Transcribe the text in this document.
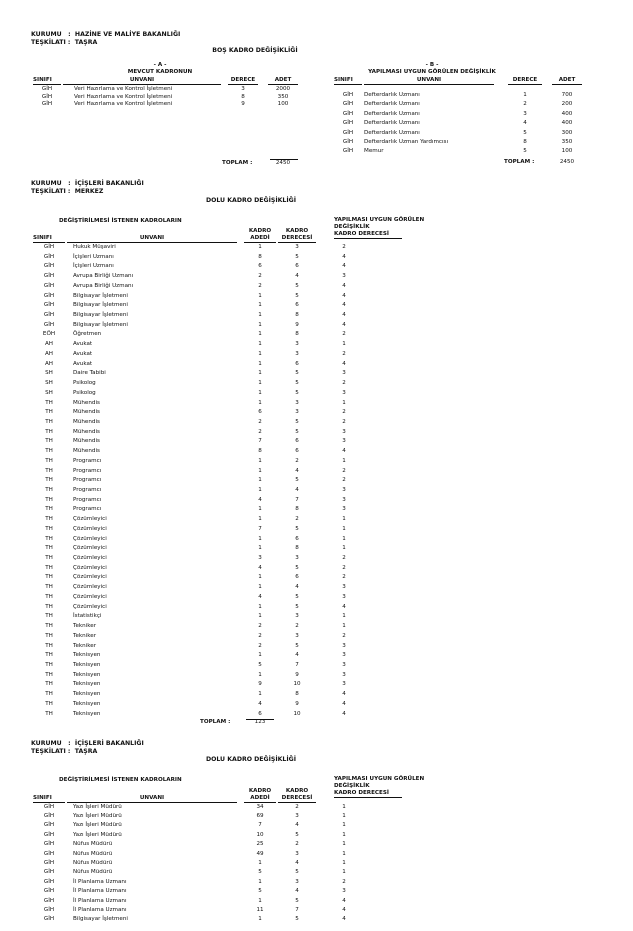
KURUMU   :  HAZİNE VE MALİYE BAKANLIĞI
TEŞKİLATI :  TAŞRA
BOŞ KADRO DEĞİŞİKLİĞİ
- A -
MEVCUT KADRONUN
SINIFI	UNVANI	DERECE	ADET
GİH	Veri Hazırlama ve Kontrol İşletmeni	3	2000
GİH	Veri Hazırlama ve Kontrol İşletmeni	8	350
GİH	Veri Hazırlama ve Kontrol İşletmeni	9	100
TOPLAM :	2450
- B -
YAPILMASI UYGUN GÖRÜLEN DEĞİŞİKLİK
SINIFI	UNVANI	DERECE	ADET
GİH	Defterdarlık Uzmanı	1	700
GİH	Defterdarlık Uzmanı	2	200
GİH	Defterdarlık Uzmanı	3	400
GİH	Defterdarlık Uzmanı	4	400
GİH	Defterdarlık Uzmanı	5	300
GİH	Defterdarlık Uzman Yardımcısı	8	350
GİH	Memur	5	100
TOPLAM :	2450
KURUMU   :  İÇİŞLERİ BAKANLIĞI
TEŞKİLATI :  MERKEZ
DOLU KADRO DEĞİŞİKLİĞİ
DEĞİŞTİRİLMESİ İSTENEN KADROLARIN	YAPILMASI UYGUN GÖRÜLEN
DEĞİŞİKLİK
KADRO DERECESİ
KADRO
ADEDİ
KADRO
DERECESİ
SINIFI	UNVANI
GİH	Hukuk Müşaviri	1	3	2
GİH	İçişleri Uzmanı	8	5	4
GİH	İçişleri Uzmanı	6	6	4
GİH	Avrupa Birliği Uzmanı	2	4	3
GİH	Avrupa Birliği Uzmanı	2	5	4
GİH	Bilgisayar İşletmeni	1	5	4
GİH	Bilgisayar İşletmeni	1	6	4
GİH	Bilgisayar İşletmeni	1	8	4
GİH	Bilgisayar İşletmeni	1	9	4
EÖH	Öğretmen	1	8	2
AH	Avukat	1	3	1
AH	Avukat	1	3	2
AH	Avukat	1	6	4
SH	Daire Tabibi	1	5	3
SH	Psikolog	1	5	2
SH	Psikolog	1	5	3
TH	Mühendis	1	3	1
TH	Mühendis	6	3	2
TH	Mühendis	2	5	2
TH	Mühendis	2	5	3
TH	Mühendis	7	6	3
TH	Mühendis	8	6	4
TH	Programcı	1	2	1
TH	Programcı	1	4	2
TH	Programcı	1	5	2
TH	Programcı	1	4	3
TH	Programcı	4	7	3
TH	Programcı	1	8	3
TH	Çözümleyici	1	2	1
TH	Çözümleyici	7	5	1
TH	Çözümleyici	1	6	1
TH	Çözümleyici	1	8	1
TH	Çözümleyici	3	3	2
TH	Çözümleyici	4	5	2
TH	Çözümleyici	1	6	2
TH	Çözümleyici	1	4	3
TH	Çözümleyici	4	5	3
TH	Çözümleyici	1	5	4
TH	İstatistikçi	1	3	1
TH	Tekniker	2	2	1
TH	Tekniker	2	3	2
TH	Tekniker	2	5	3
TH	Teknisyen	1	4	3
TH	Teknisyen	5	7	3
TH	Teknisyen	1	9	3
TH	Teknisyen	9	10	3
TH	Teknisyen	1	8	4
TH	Teknisyen	4	9	4
TH	Teknisyen	6	10	4
TOPLAM :	123
KURUMU   :  İÇİŞLERİ BAKANLIĞI
TEŞKİLATI :  TAŞRA
DOLU KADRO DEĞİŞİKLİĞİ
DEĞİŞTİRİLMESİ İSTENEN KADROLARIN	YAPILMASI UYGUN GÖRÜLEN
DEĞİŞİKLİK
KADRO DERECESİ
KADRO
ADEDİ
KADRO
DERECESİ
SINIFI	UNVANI
GİH	Yazı İşleri Müdürü	34	2	1
GİH	Yazı İşleri Müdürü	69	3	1
GİH	Yazı İşleri Müdürü	7	4	1
GİH	Yazı İşleri Müdürü	10	5	1
GİH	Nüfus Müdürü	25	2	1
GİH	Nüfus Müdürü	49	3	1
GİH	Nüfus Müdürü	1	4	1
GİH	Nüfus Müdürü	5	5	1
GİH	İl Planlama Uzmanı	1	3	2
GİH	İl Planlama Uzmanı	5	4	3
GİH	İl Planlama Uzmanı	1	5	4
GİH	İl Planlama Uzmanı	11	7	4
GİH	Bilgisayar İşletmeni	1	5	4
